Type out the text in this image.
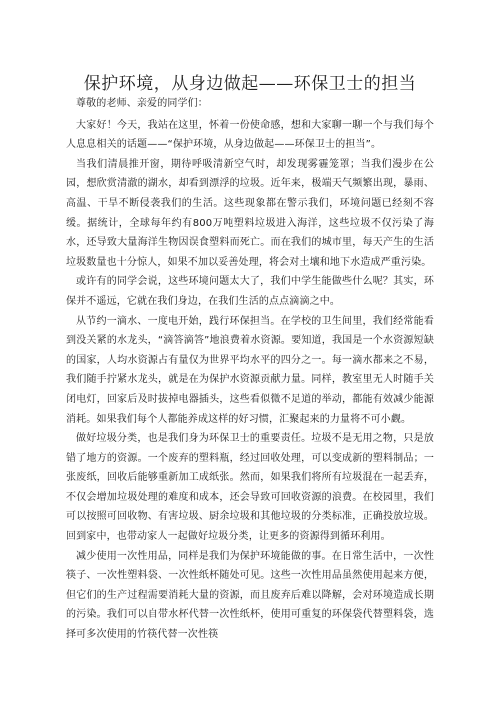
保护环境，从身边做起——环保卫士的担当

尊敬的老师、亲爱的同学们：

大家好！今天，我站在这里，怀着一份使命感，想和大家聊一聊一个与我们每个人息息相关的话题——“保护环境，从身边做起——环保卫士的担当”。

当我们清晨推开窗，期待呼吸清新空气时，却发现雾霾笼罩；当我们漫步在公园，想欣赏清澈的湖水，却看到漂浮的垃圾。近年来，极端天气频繁出现，暴雨、高温、干旱不断侵袭我们的生活。这些现象都在警示我们，环境问题已经刻不容缓。据统计，全球每年约有800万吨塑料垃圾进入海洋，这些垃圾不仅污染了海水，还导致大量海洋生物因误食塑料而死亡。而在我们的城市里，每天产生的生活垃圾数量也十分惊人，如果不加以妥善处理，将会对土壤和地下水造成严重污染。

或许有的同学会说，这些环境问题太大了，我们中学生能做些什么呢？其实，环保并不遥远，它就在我们身边，在我们生活的点点滴滴之中。

从节约一滴水、一度电开始，践行环保担当。在学校的卫生间里，我们经常能看到没关紧的水龙头，“滴答滴答”地浪费着水资源。要知道，我国是一个水资源短缺的国家，人均水资源占有量仅为世界平均水平的四分之一。每一滴水都来之不易，我们随手拧紧水龙头，就是在为保护水资源贡献力量。同样，教室里无人时随手关闭电灯，回家后及时拔掉电器插头，这些看似微不足道的举动，都能有效减少能源消耗。如果我们每个人都能养成这样的好习惯，汇聚起来的力量将不可小觑。

做好垃圾分类，也是我们身为环保卫士的重要责任。垃圾不是无用之物，只是放错了地方的资源。一个废弃的塑料瓶，经过回收处理，可以变成新的塑料制品；一张废纸，回收后能够重新加工成纸张。然而，如果我们将所有垃圾混在一起丢弃，不仅会增加垃圾处理的难度和成本，还会导致可回收资源的浪费。在校园里，我们可以按照可回收物、有害垃圾、厨余垃圾和其他垃圾的分类标准，正确投放垃圾。回到家中，也带动家人一起做好垃圾分类，让更多的资源得到循环利用。

减少使用一次性用品，同样是我们为保护环境能做的事。在日常生活中，一次性筷子、一次性塑料袋、一次性纸杯随处可见。这些一次性用品虽然使用起来方便，但它们的生产过程需要消耗大量的资源，而且废弃后难以降解，会对环境造成长期的污染。我们可以自带水杯代替一次性纸杯，使用可重复的环保袋代替塑料袋，选择可多次使用的竹筷代替一次性筷
